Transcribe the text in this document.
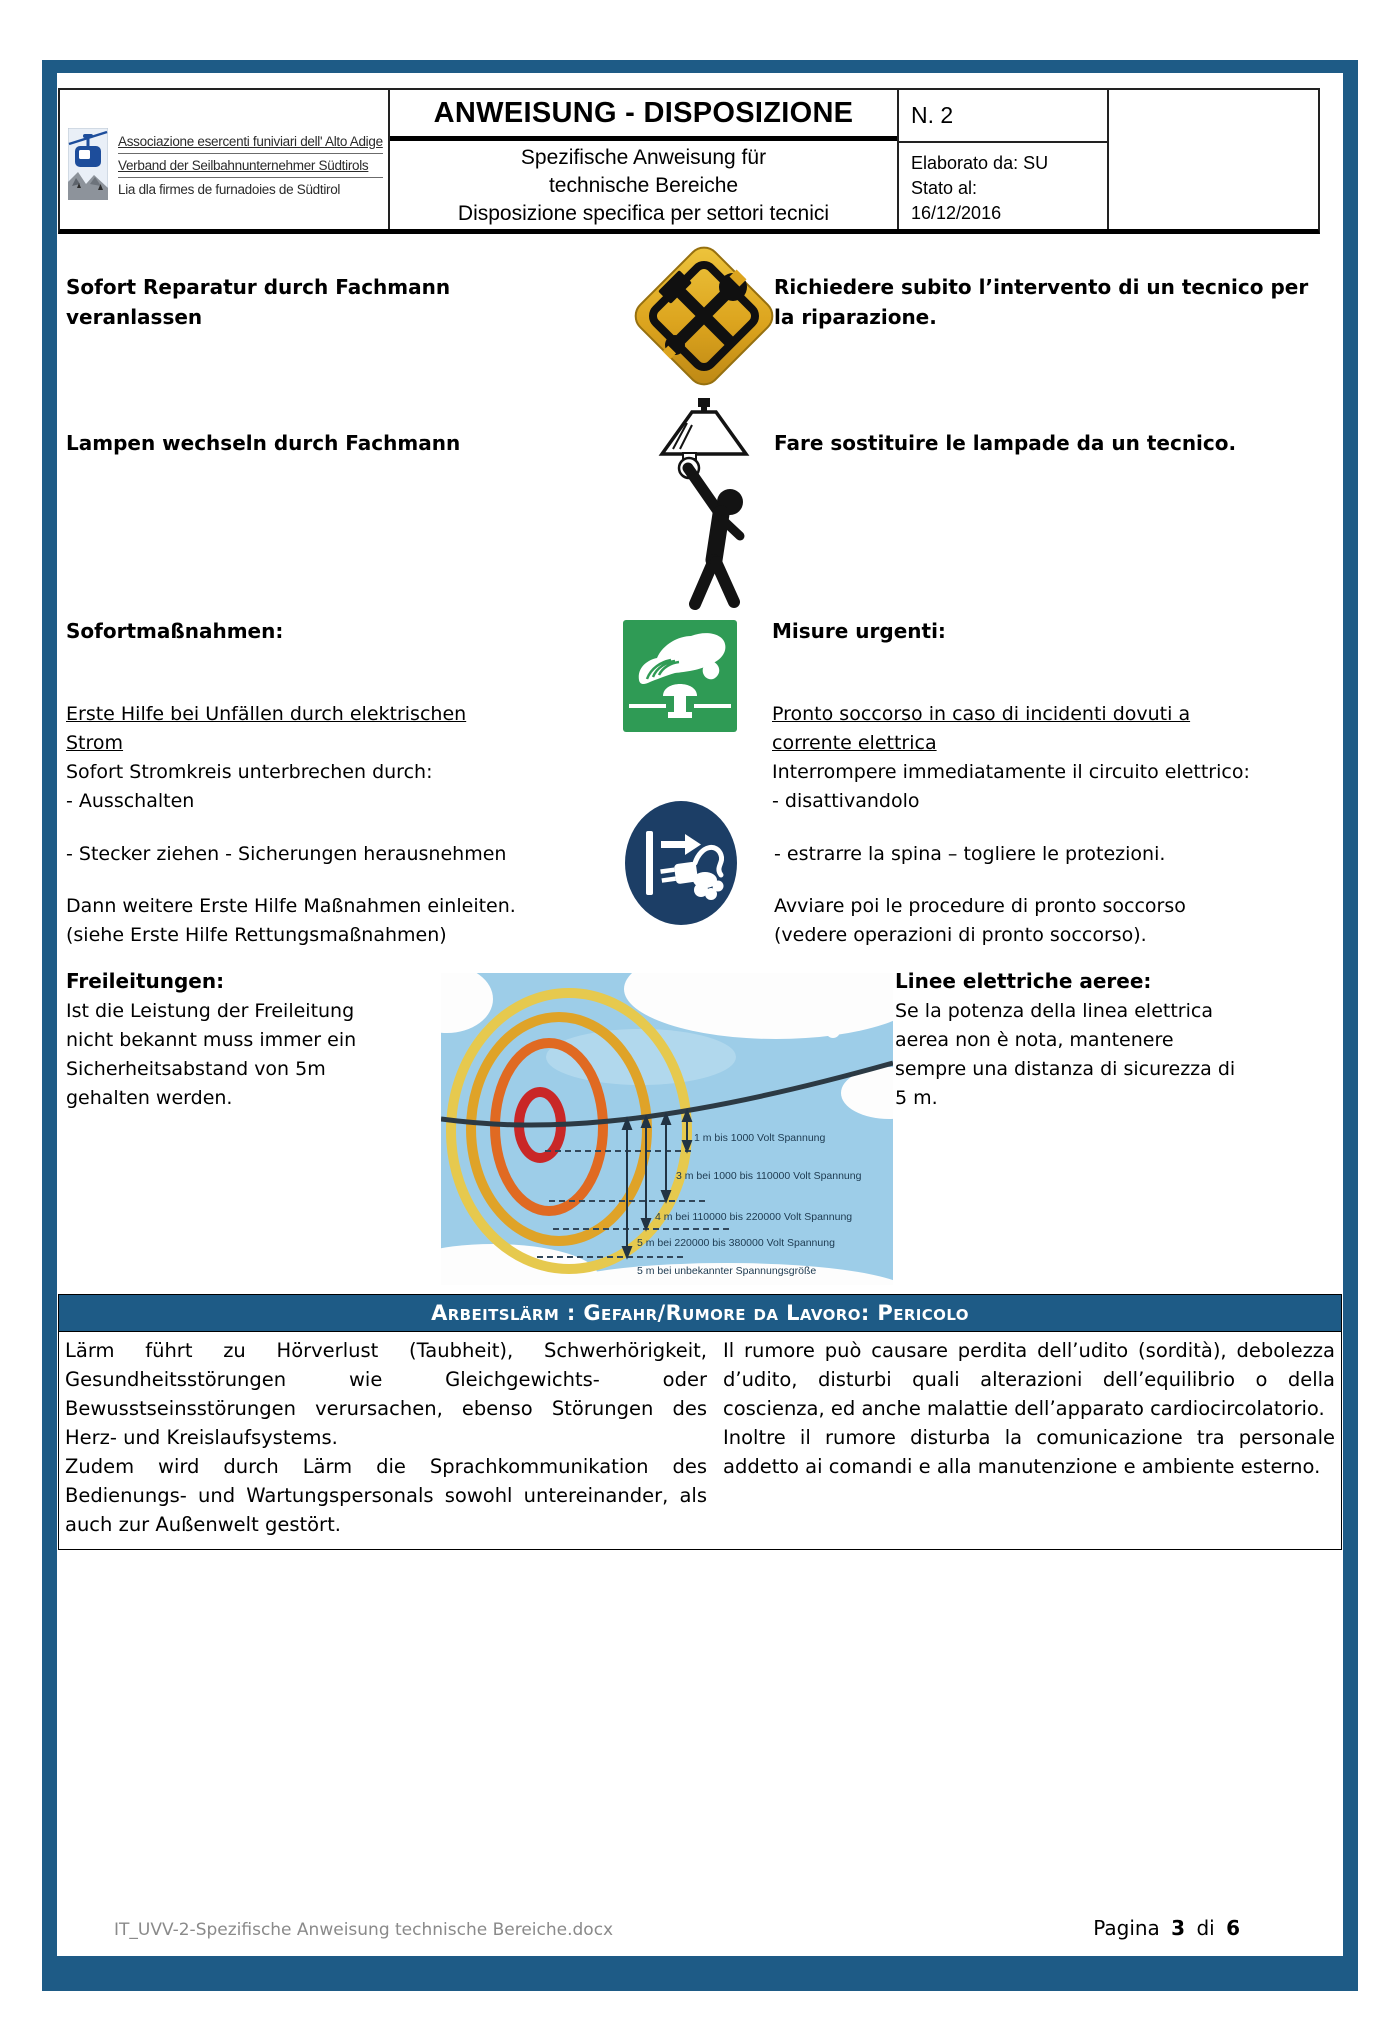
Associazione esercenti funiviari dell' Alto Adige
Verband der Seilbahnunternehmer Südtirols
Lia dla firmes de furnadoies de Südtirol
ANWEISUNG - DISPOSIZIONE
Spezifische Anweisung für
technische Bereiche
Disposizione specifica per settori tecnici
N. 2
Elaborato da: SU
Stato al:
16/12/2016
Sofort Reparatur durch Fachmann veranlassen
Richiedere subito l’intervento di un tecnico per la riparazione.
Lampen wechseln durch Fachmann	Fare sostituire le lampade da un tecnico.
Sofortmaßnahmen:	Misure urgenti:
Erste Hilfe bei Unfällen durch elektrischen Strom
Sofort Stromkreis unterbrechen durch:
- Ausschalten
Pronto soccorso in caso di incidenti dovuti a corrente elettrica
Interrompere immediatamente il circuito elettrico:
- disattivandolo
- Stecker ziehen - Sicherungen herausnehmen	- estrarre la spina – togliere le protezioni.
Dann weitere Erste Hilfe Maßnahmen einleiten.
(siehe Erste Hilfe Rettungsmaßnahmen)
Avviare poi le procedure di pronto soccorso
(vedere operazioni di pronto soccorso).
Freileitungen:
Ist die Leistung der Freileitung nicht bekannt muss immer ein Sicherheitsabstand von 5m gehalten werden.
1 m bis 1000 Volt Spannung
3 m bei 1000 bis 110000 Volt Spannung
4 m bei 110000 bis 220000 Volt Spannung
5 m bei 220000 bis 380000 Volt Spannung
5 m bei unbekannter Spannungsgröße
Linee elettriche aeree:
Se la potenza della linea elettrica aerea non è nota, mantenere sempre una distanza di sicurezza di 5 m.
Arbeitslärm : Gefahr/Rumore da Lavoro: Pericolo

Lärm führt zu Hörverlust (Taubheit), Schwerhörigkeit, Gesundheitsstörungen wie Gleichgewichts- oder Bewusstseinsstörungen verursachen, ebenso Störungen des Herz- und Kreislaufsystems.

Zudem wird durch Lärm die Sprachkommunikation des Bedienungs- und Wartungspersonals sowohl untereinander, als auch zur Außenwelt gestört.

Il rumore può causare perdita dell’udito (sordità), debolezza d’udito, disturbi quali alterazioni dell’equilibrio o della coscienza, ed anche malattie dell’apparato cardiocircolatorio.

Inoltre il rumore disturba la comunicazione tra personale addetto ai comandi e alla manutenzione e ambiente esterno.

IT_UVV-2-Spezifische Anweisung technische Bereiche.docx	Pagina 3 di 6
